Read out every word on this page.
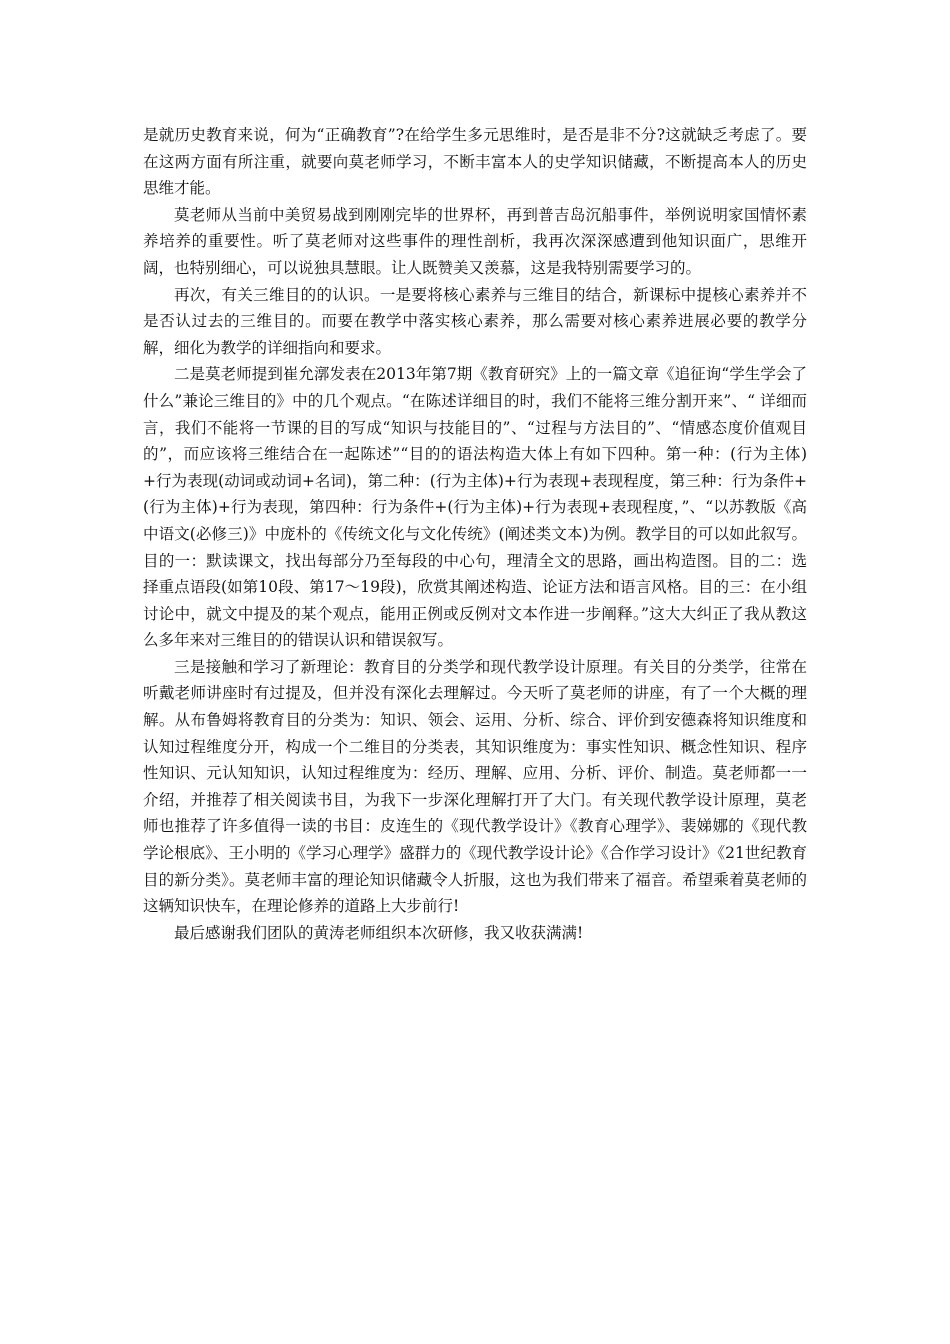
是就历史教育来说，何为“正确教育”?在给学生多元思维时，是否是非不分?这就缺乏考虑了。要在这两方面有所注重，就要向莫老师学习，不断丰富本人的史学知识储藏，不断提高本人的历史思维才能。

莫老师从当前中美贸易战到刚刚完毕的世界杯，再到普吉岛沉船事件，举例说明家国情怀素养培养的重要性。听了莫老师对这些事件的理性剖析，我再次深深感遭到他知识面广，思维开阔，也特别细心，可以说独具慧眼。让人既赞美又羡慕，这是我特别需要学习的。

再次，有关三维目的的认识。一是要将核心素养与三维目的结合，新课标中提核心素养并不是否认过去的三维目的。而要在教学中落实核心素养，那么需要对核心素养进展必要的教学分解，细化为教学的详细指向和要求。

二是莫老师提到崔允漷发表在2013年第7期《教育研究》上的一篇文章《追征询“学生学会了什么”兼论三维目的》中的几个观点。“在陈述详细目的时，我们不能将三维分割开来”、“ 详细而言，我们不能将一节课的目的写成“知识与技能目的”、“过程与方法目的”、“情感态度价值观目的”，而应该将三维结合在一起陈述”“目的的语法构造大体上有如下四种。第一种：(行为主体)+行为表现(动词或动词+名词)，第二种：(行为主体)+行为表现+表现程度，第三种：行为条件+(行为主体)+行为表现，第四种：行为条件+(行为主体)+行为表现+表现程度，”、“以苏教版《高中语文(必修三)》中庞朴的《传统文化与文化传统》(阐述类文本)为例。教学目的可以如此叙写。目的一：默读课文，找出每部分乃至每段的中心句，理清全文的思路，画出构造图。目的二：选择重点语段(如第10段、第17～19段)，欣赏其阐述构造、论证方法和语言风格。目的三：在小组讨论中，就文中提及的某个观点，能用正例或反例对文本作进一步阐释。”这大大纠正了我从教这么多年来对三维目的的错误认识和错误叙写。

三是接触和学习了新理论：教育目的分类学和现代教学设计原理。有关目的分类学，往常在听戴老师讲座时有过提及，但并没有深化去理解过。今天听了莫老师的讲座，有了一个大概的理解。从布鲁姆将教育目的分类为：知识、领会、运用、分析、综合、评价到安德森将知识维度和认知过程维度分开，构成一个二维目的分类表，其知识维度为：事实性知识、概念性知识、程序性知识、元认知知识，认知过程维度为：经历、理解、应用、分析、评价、制造。莫老师都一一介绍，并推荐了相关阅读书目，为我下一步深化理解打开了大门。有关现代教学设计原理，莫老师也推荐了许多值得一读的书目：皮连生的《现代教学设计》《教育心理学》、裴娣娜的《现代教学论根底》、王小明的《学习心理学》盛群力的《现代教学设计论》《合作学习设计》《21世纪教育目的新分类》。莫老师丰富的理论知识储藏令人折服，这也为我们带来了福音。希望乘着莫老师的这辆知识快车，在理论修养的道路上大步前行!

最后感谢我们团队的黄涛老师组织本次研修，我又收获满满!
